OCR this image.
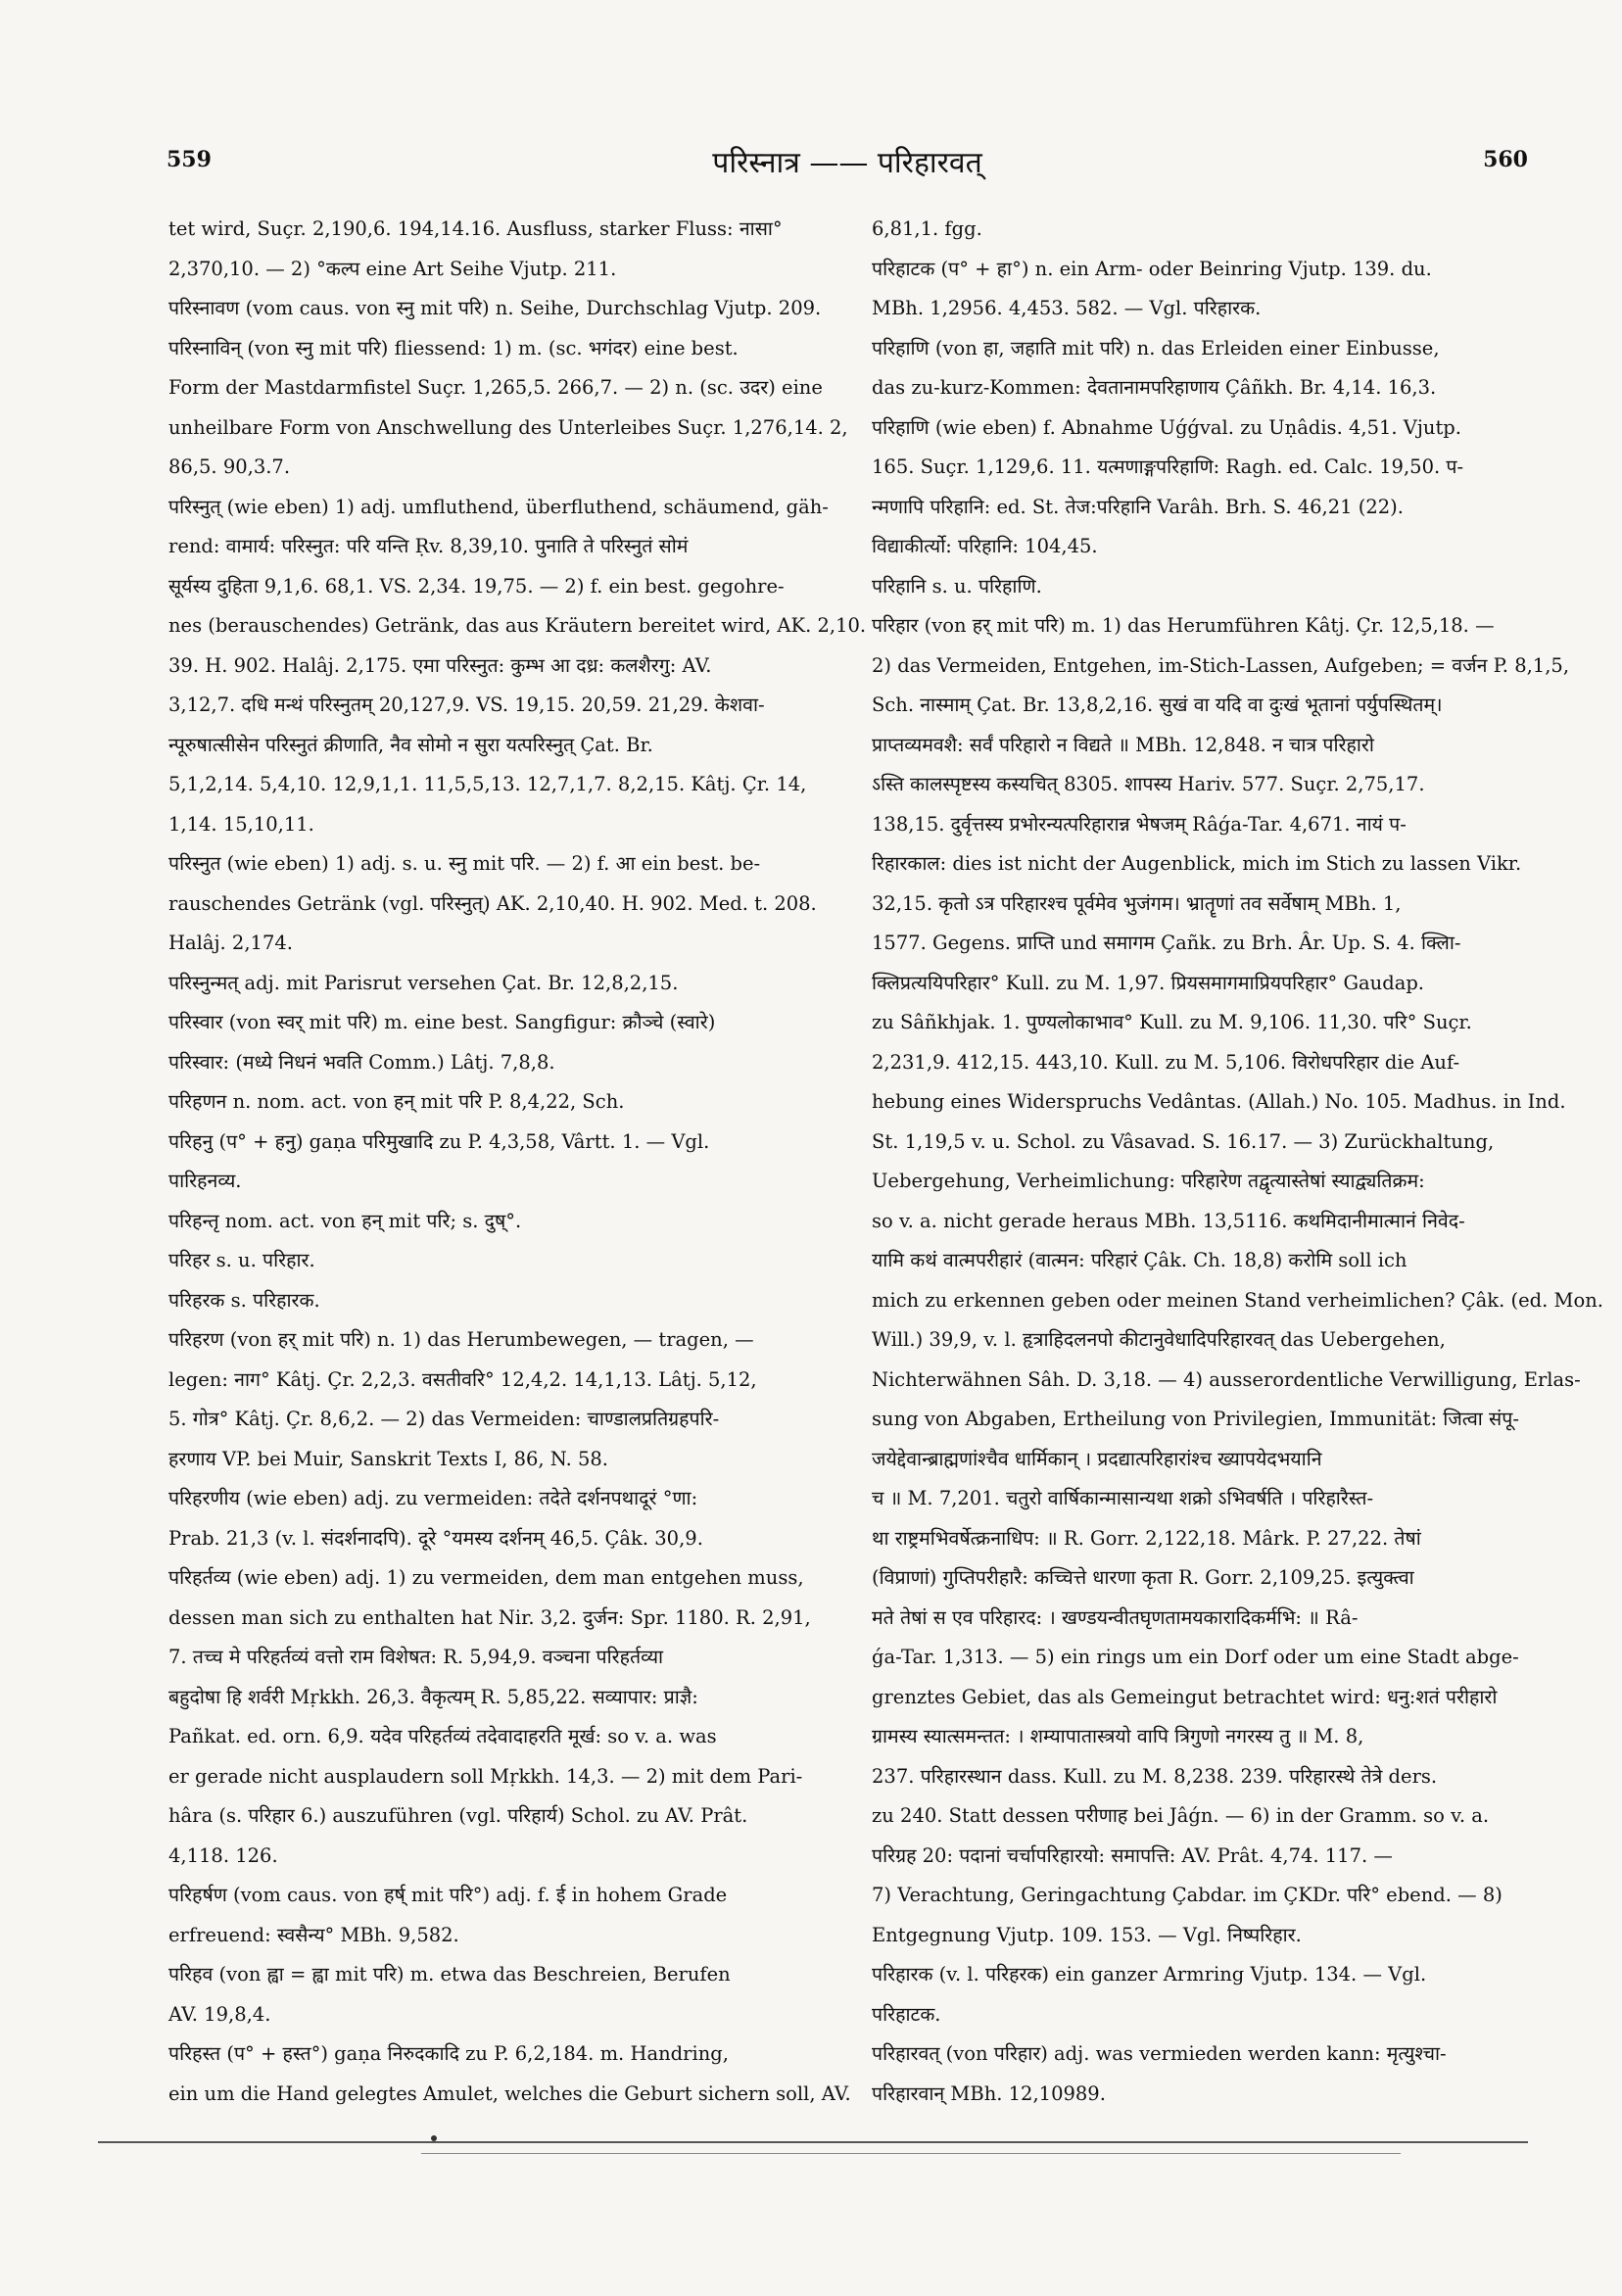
559	परिस्नात्र —— परिहारवत्	560
tet wird, Suçr. 2,190,6. 194,14.16. Ausfluss, starker Fluss: नासा°
2,370,10. — 2) °कल्प eine Art Seihe Vjutp. 211.
परिस्नावण (vom caus. von स्नु mit परि) n. Seihe, Durchschlag Vjutp. 209.
परिस्नाविन् (von स्नु mit परि) fliessend: 1) m. (sc. भगंदर) eine best.
Form der Mastdarmfistel Suçr. 1,265,5. 266,7. — 2) n. (sc. उदर) eine
unheilbare Form von Anschwellung des Unterleibes Suçr. 1,276,14. 2,
86,5. 90,3.7.
परिस्नुत् (wie eben) 1) adj. umfluthend, überfluthend, schäumend, gäh-
rend: वामार्य: परिस्नुत: परि यन्ति Ṛv. 8,39,10. पुनाति ते परिस्नुतं सोमं
सूर्यस्य दुहिता 9,1,6. 68,1. VS. 2,34. 19,75. — 2) f. ein best. gegohre-
nes (berauschendes) Getränk, das aus Kräutern bereitet wird, AK. 2,10.
39. H. 902. Halâj. 2,175. एमा परिस्नुत: कुम्भ आ दध्र: कलशैरगु: AV.
3,12,7. दधि मन्थं परिस्नुतम् 20,127,9. VS. 19,15. 20,59. 21,29. केशवा-
न्पूरुषात्सीसेन परिस्नुतं क्रीणाति, नैव सोमो न सुरा यत्परिस्नुत् Çat. Br.
5,1,2,14. 5,4,10. 12,9,1,1. 11,5,5,13. 12,7,1,7. 8,2,15. Kâtj. Çr. 14,
1,14. 15,10,11.
परिस्नुत (wie eben) 1) adj. s. u. स्नु mit परि. — 2) f. आ ein best. be-
rauschendes Getränk (vgl. परिस्नुत्) AK. 2,10,40. H. 902. Med. t. 208.
Halâj. 2,174.
परिस्नुन्मत् adj. mit Parisrut versehen Çat. Br. 12,8,2,15.
परिस्वार (von स्वर् mit परि) m. eine best. Sangfigur: क्रौञ्चे (स्वारे)
परिस्वार: (मध्ये निधनं भवति Comm.) Lâtj. 7,8,8.
परिहणन n. nom. act. von हन् mit परि P. 8,4,22, Sch.
परिहनु (प° + हनु) gaṇa परिमुखादि zu P. 4,3,58, Vârtt. 1. — Vgl.
पारिहनव्य.
परिहन्तृ nom. act. von हन् mit परि; s. दुष्°.
परिहर s. u. परिहार.
परिहरक s. परिहारक.
परिहरण (von हर् mit परि) n. 1) das Herumbewegen, — tragen, —
legen: नाग° Kâtj. Çr. 2,2,3. वसतीवरि° 12,4,2. 14,1,13. Lâtj. 5,12,
5. गोत्र° Kâtj. Çr. 8,6,2. — 2) das Vermeiden: चाण्डालप्रतिग्रहपरि-
हरणाय VP. bei Muir, Sanskrit Texts I, 86, N. 58.
परिहरणीय (wie eben) adj. zu vermeiden: तदेते दर्शनपथादूरं °णा:
Prab. 21,3 (v. l. संदर्शनादपि). दूरे °यमस्य दर्शनम् 46,5. Çâk. 30,9.
परिहर्तव्य (wie eben) adj. 1) zu vermeiden, dem man entgehen muss,
dessen man sich zu enthalten hat Nir. 3,2. दुर्जन: Spr. 1180. R. 2,91,
7. तच्च मे परिहर्तव्यं वत्तो राम विशेषत: R. 5,94,9. वञ्चना परिहर्तव्या
बहुदोषा हि शर्वरी Mṛkkh. 26,3. वैकृत्यम् R. 5,85,22. सव्यापार: प्राज्ञै:
Pañkat. ed. orn. 6,9. यदेव परिहर्तव्यं तदेवादाहरति मूर्ख: so v. a. was
er gerade nicht ausplaudern soll Mṛkkh. 14,3. — 2) mit dem Pari-
hâra (s. परिहार 6.) auszuführen (vgl. परिहार्य) Schol. zu AV. Prât.
4,118. 126.
परिहर्षण (vom caus. von हर्ष् mit परि°) adj. f. ई in hohem Grade
erfreuend: स्वसैन्य° MBh. 9,582.
परिहव (von ह्वा = ह्वा mit परि) m. etwa das Beschreien, Berufen
AV. 19,8,4.
परिहस्त (प° + हस्त°) gaṇa निरुदकादि zu P. 6,2,184. m. Handring,
ein um die Hand gelegtes Amulet, welches die Geburt sichern soll, AV.
6,81,1. fgg.
परिहाटक (प° + हा°) n. ein Arm- oder Beinring Vjutp. 139. du.
MBh. 1,2956. 4,453. 582. — Vgl. परिहारक.
परिहाणि (von हा, जहाति mit परि) n. das Erleiden einer Einbusse,
das zu-kurz-Kommen: देवतानामपरिहाणाय Çâñkh. Br. 4,14. 16,3.
परिहाणि (wie eben) f. Abnahme Uǵǵval. zu Uṇâdis. 4,51. Vjutp.
165. Suçr. 1,129,6. 11. यत्मणाङ्गपरिहाणि: Ragh. ed. Calc. 19,50. प-
न्मणापि परिहानि: ed. St. तेज:परिहानि Varâh. Brh. S. 46,21 (22).
विद्याकीर्त्यो: परिहानि: 104,45.
परिहानि s. u. परिहाणि.
परिहार (von हर् mit परि) m. 1) das Herumführen Kâtj. Çr. 12,5,18. —
2) das Vermeiden, Entgehen, im-Stich-Lassen, Aufgeben; = वर्जन P. 8,1,5,
Sch. नास्माम् Çat. Br. 13,8,2,16. सुखं वा यदि वा दुःखं भूतानां पर्युपस्थितम्।
प्राप्तव्यमवशै: सर्वं परिहारो न विद्यते ॥ MBh. 12,848. न चात्र परिहारो
ऽस्ति कालस्पृष्टस्य कस्यचित् 8305. शापस्य Hariv. 577. Suçr. 2,75,17.
138,15. दुर्वृत्तस्य प्रभोरन्यत्परिहारान्न भेषजम् Râǵa-Tar. 4,671. नायं प-
रिहारकाल: dies ist nicht der Augenblick, mich im Stich zu lassen Vikr.
32,15. कृतो ऽत्र परिहारश्च पूर्वमेव भुजंगम। भ्रातॄणां तव सर्वेषाम् MBh. 1,
1577. Gegens. प्राप्ति und समागम Çañk. zu Brh. Âr. Up. S. 4. क्लिा-
क्लिप्रत्ययिपरिहार° Kull. zu M. 1,97. प्रियसमागमाप्रियपरिहार° Gaudap.
zu Sâñkhjak. 1. पुण्यलोकाभाव° Kull. zu M. 9,106. 11,30. परि° Suçr.
2,231,9. 412,15. 443,10. Kull. zu M. 5,106. विरोधपरिहार die Auf-
hebung eines Widerspruchs Vedântas. (Allah.) No. 105. Madhus. in Ind.
St. 1,19,5 v. u. Schol. zu Vâsavad. S. 16.17. — 3) Zurückhaltung,
Uebergehung, Verheimlichung: परिहारेण तद्वृत्यास्तेषां स्याद्व्यतिक्रम:
so v. a. nicht gerade heraus MBh. 13,5116. कथमिदानीमात्मानं निवेद-
यामि कथं वात्मपरीहारं (वात्मन: परिहारं Çâk. Ch. 18,8) करोमि soll ich
mich zu erkennen geben oder meinen Stand verheimlichen? Çâk. (ed. Mon.
Will.) 39,9, v. l. हृत्राहिदलनपो कीटानुवेधादिपरिहारवत् das Uebergehen,
Nichterwähnen Sâh. D. 3,18. — 4) ausserordentliche Verwilligung, Erlas-
sung von Abgaben, Ertheilung von Privilegien, Immunität: जित्वा संपू-
जयेद्देवान्ब्राह्मणांश्चैव धार्मिकान् । प्रदद्यात्परिहारांश्च ख्यापयेदभयानि
च ॥ M. 7,201. चतुरो वार्षिकान्मासान्यथा शक्रो ऽभिवर्षति । परिहारैस्त-
था राष्ट्रमभिवर्षेत्क्रनाधिप: ॥ R. Gorr. 2,122,18. Mârk. P. 27,22. तेषां
(विप्राणां) गुप्तिपरीहारै: कच्चित्ते धारणा कृता R. Gorr. 2,109,25. इत्युक्त्वा
मते तेषां स एव परिहारद: । खण्डयन्वीतघृणतामयकारादिकर्मभि: ॥ Râ-
ǵa-Tar. 1,313. — 5) ein rings um ein Dorf oder um eine Stadt abge-
grenztes Gebiet, das als Gemeingut betrachtet wird: धनु:शतं परीहारो
ग्रामस्य स्यात्समन्तत: । शम्यापातास्त्रयो वापि त्रिगुणो नगरस्य तु ॥ M. 8,
237. परिहारस्थान dass. Kull. zu M. 8,238. 239. परिहारस्थे तेत्रे ders.
zu 240. Statt dessen परीणाह bei Jâǵn. — 6) in der Gramm. so v. a.
परिग्रह 20: पदानां चर्चापरिहारयो: समापत्ति: AV. Prât. 4,74. 117. —
7) Verachtung, Geringachtung Çabdar. im ÇKDr. परि° ebend. — 8)
Entgegnung Vjutp. 109. 153. — Vgl. निष्परिहार.
परिहारक (v. l. परिहरक) ein ganzer Armring Vjutp. 134. — Vgl.
परिहाटक.
परिहारवत् (von परिहार) adj. was vermieden werden kann: मृत्युश्चा-
परिहारवान् MBh. 12,10989.
